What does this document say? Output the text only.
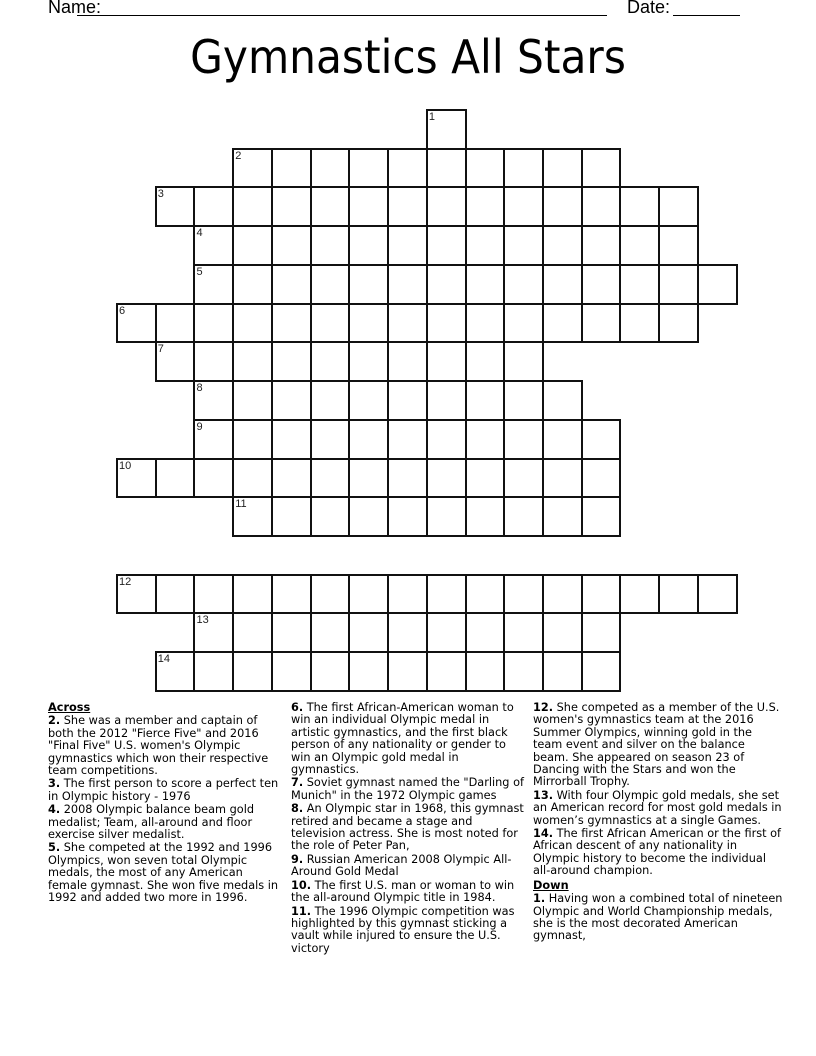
Name:	Date:
Gymnastics All Stars
1
2
3
4
5
6
7
8
9
10
11
12
13
14
Across
2. She was a member and captain of both the 2012 "Fierce Five" and 2016 "Final Five" U.S. women's Olympic gymnastics which won their respective team competitions.
3. The first person to score a perfect ten in Olympic history - 1976
4. 2008 Olympic balance beam gold medalist; Team, all-around and floor exercise silver medalist.
5. She competed at the 1992 and 1996 Olympics, won seven total Olympic medals, the most of any American female gymnast. She won five medals in 1992 and added two more in 1996.
6. The first African-American woman to win an individual Olympic medal in artistic gymnastics, and the first black person of any nationality or gender to win an Olympic gold medal in gymnastics.
7. Soviet gymnast named the "Darling of Munich" in the 1972 Olympic games
8. An Olympic star in 1968, this gymnast retired and became a stage and television actress. She is most noted for the role of Peter Pan,
9. Russian American 2008 Olympic All-Around Gold Medal
10. The first U.S. man or woman to win the all-around Olympic title in 1984.
11. The 1996 Olympic competition was highlighted by this gymnast sticking a vault while injured to ensure the U.S. victory
12. She competed as a member of the U.S. women's gymnastics team at the 2016 Summer Olympics, winning gold in the team event and silver on the balance beam. She appeared on season 23 of Dancing with the Stars and won the Mirrorball Trophy.
13. With four Olympic gold medals, she set an American record for most gold medals in women’s gymnastics at a single Games.
14. The first African American or the first of African descent of any nationality in Olympic history to become the individual all-around champion.
Down
1. Having won a combined total of nineteen Olympic and World Championship medals, she is the most decorated American gymnast,
